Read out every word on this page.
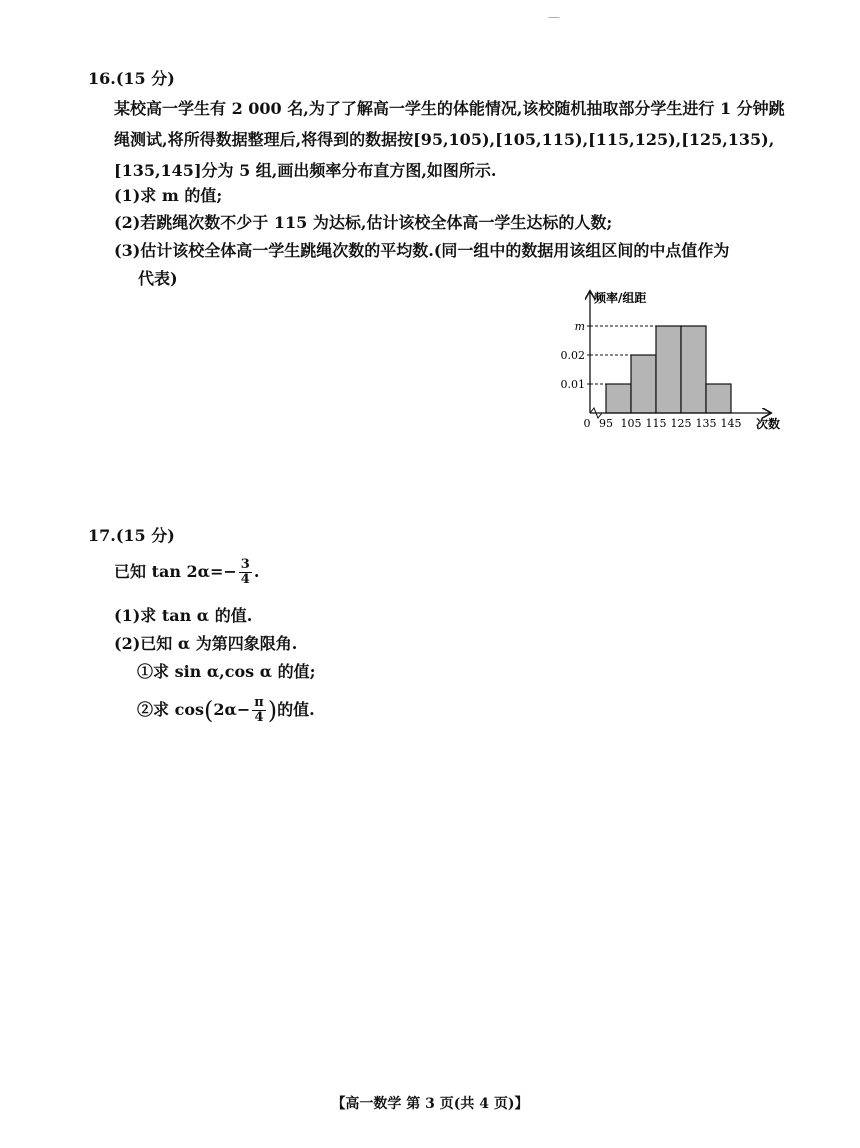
—
16.(15 分)
某校高一学生有 2 000 名,为了了解高一学生的体能情况,该校随机抽取部分学生进行 1 分钟跳绳测试,将所得数据整理后,将得到的数据按[95,105),[105,115),[115,125),[125,135),[135,145]分为 5 组,画出频率分布直方图,如图所示.
(1)求 m 的值;
(2)若跳绳次数不少于 115 为达标,估计该校全体高一学生达标的人数;
(3)估计该校全体高一学生跳绳次数的平均数.(同一组中的数据用该组区间的中点值作为
代表)
频率/组距
次数
0 95 105 115 125 135 145
0.01
0.02
m
17.(15 分)
已知 $\tan 2\alpha=- \frac{3}{4}$ .
(1)求 tan α 的值.
(2)已知 α 为第四象限角.
①求 sin α,cos α 的值;
②求 $\cos(2\alpha- \frac{\pi}{4}$ )的值.
【高一数学 第 3 页(共 4 页)】
